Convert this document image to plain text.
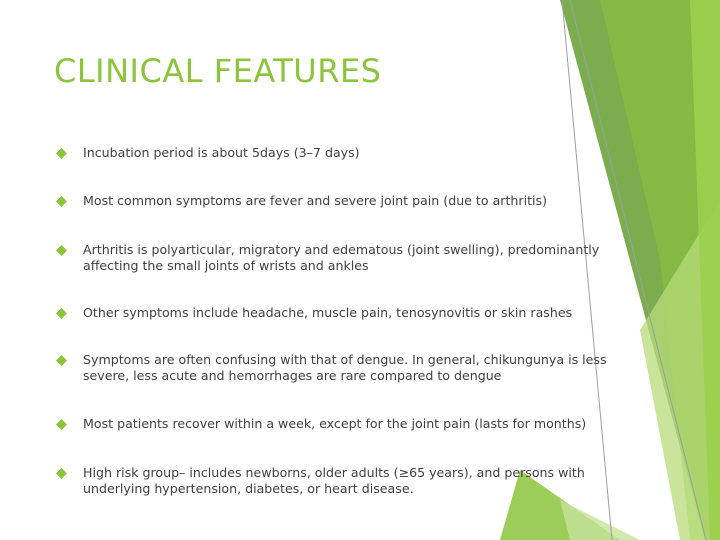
CLINICAL FEATURES
Incubation period is about 5days (3–7 days)
Most common symptoms are fever and severe joint pain (due to arthritis)
Arthritis is polyarticular, migratory and edematous (joint swelling), predominantly affecting the small joints of wrists and ankles
Other symptoms include headache, muscle pain, tenosynovitis or skin rashes
Symptoms are often confusing with that of dengue. In general, chikungunya is less severe, less acute and hemorrhages are rare compared to dengue
Most patients recover within a week, except for the joint pain (lasts for months)
High risk group– includes newborns, older adults (≥65 years), and persons with underlying hypertension, diabetes, or heart disease.
